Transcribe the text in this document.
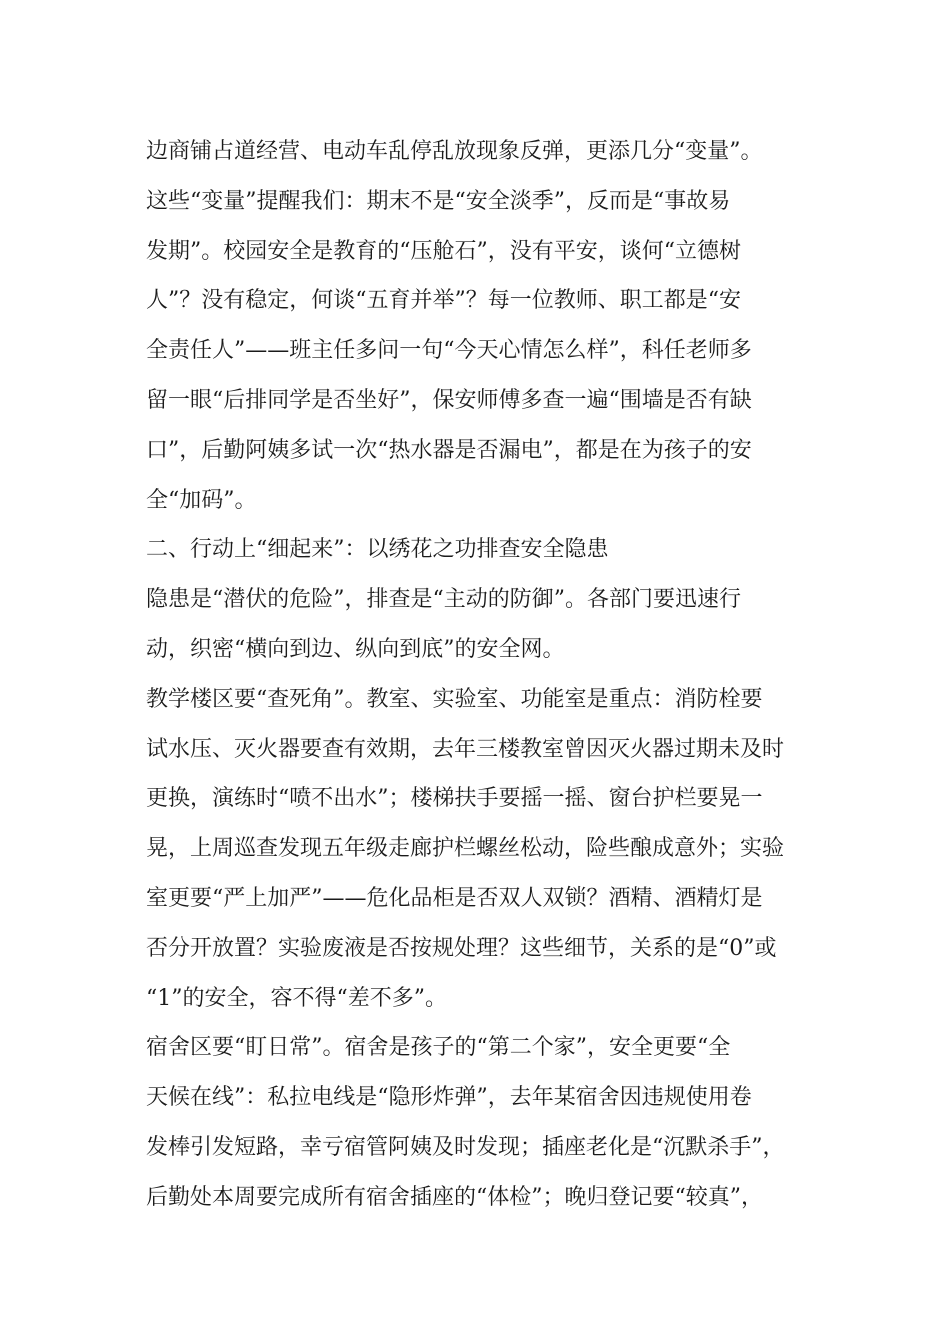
边商铺占道经营、电动车乱停乱放现象反弹，更添几分“变量”。

这些“变量”提醒我们：期末不是“安全淡季”，反而是“事故易
发期”。校园安全是教育的“压舱石”，没有平安，谈何“立德树
人”？没有稳定，何谈“五育并举”？每一位教师、职工都是“安
全责任人”——班主任多问一句“今天心情怎么样”，科任老师多
留一眼“后排同学是否坐好”，保安师傅多查一遍“围墙是否有缺
口”，后勤阿姨多试一次“热水器是否漏电”，都是在为孩子的安
全“加码”。

二、行动上“细起来”：以绣花之功排查安全隐患

隐患是“潜伏的危险”，排查是“主动的防御”。各部门要迅速行
动，织密“横向到边、纵向到底”的安全网。

教学楼区要“查死角”。教室、实验室、功能室是重点：消防栓要
试水压、灭火器要查有效期，去年三楼教室曾因灭火器过期未及时
更换，演练时“喷不出水”；楼梯扶手要摇一摇、窗台护栏要晃一
晃，上周巡查发现五年级走廊护栏螺丝松动，险些酿成意外；实验
室更要“严上加严”——危化品柜是否双人双锁？酒精、酒精灯是
否分开放置？实验废液是否按规处理？这些细节，关系的是“0”或
“1”的安全，容不得“差不多”。

宿舍区要“盯日常”。宿舍是孩子的“第二个家”，安全更要“全
天候在线”：私拉电线是“隐形炸弹”，去年某宿舍因违规使用卷
发棒引发短路，幸亏宿管阿姨及时发现；插座老化是“沉默杀手”，
后勤处本周要完成所有宿舍插座的“体检”；晚归登记要“较真”，
